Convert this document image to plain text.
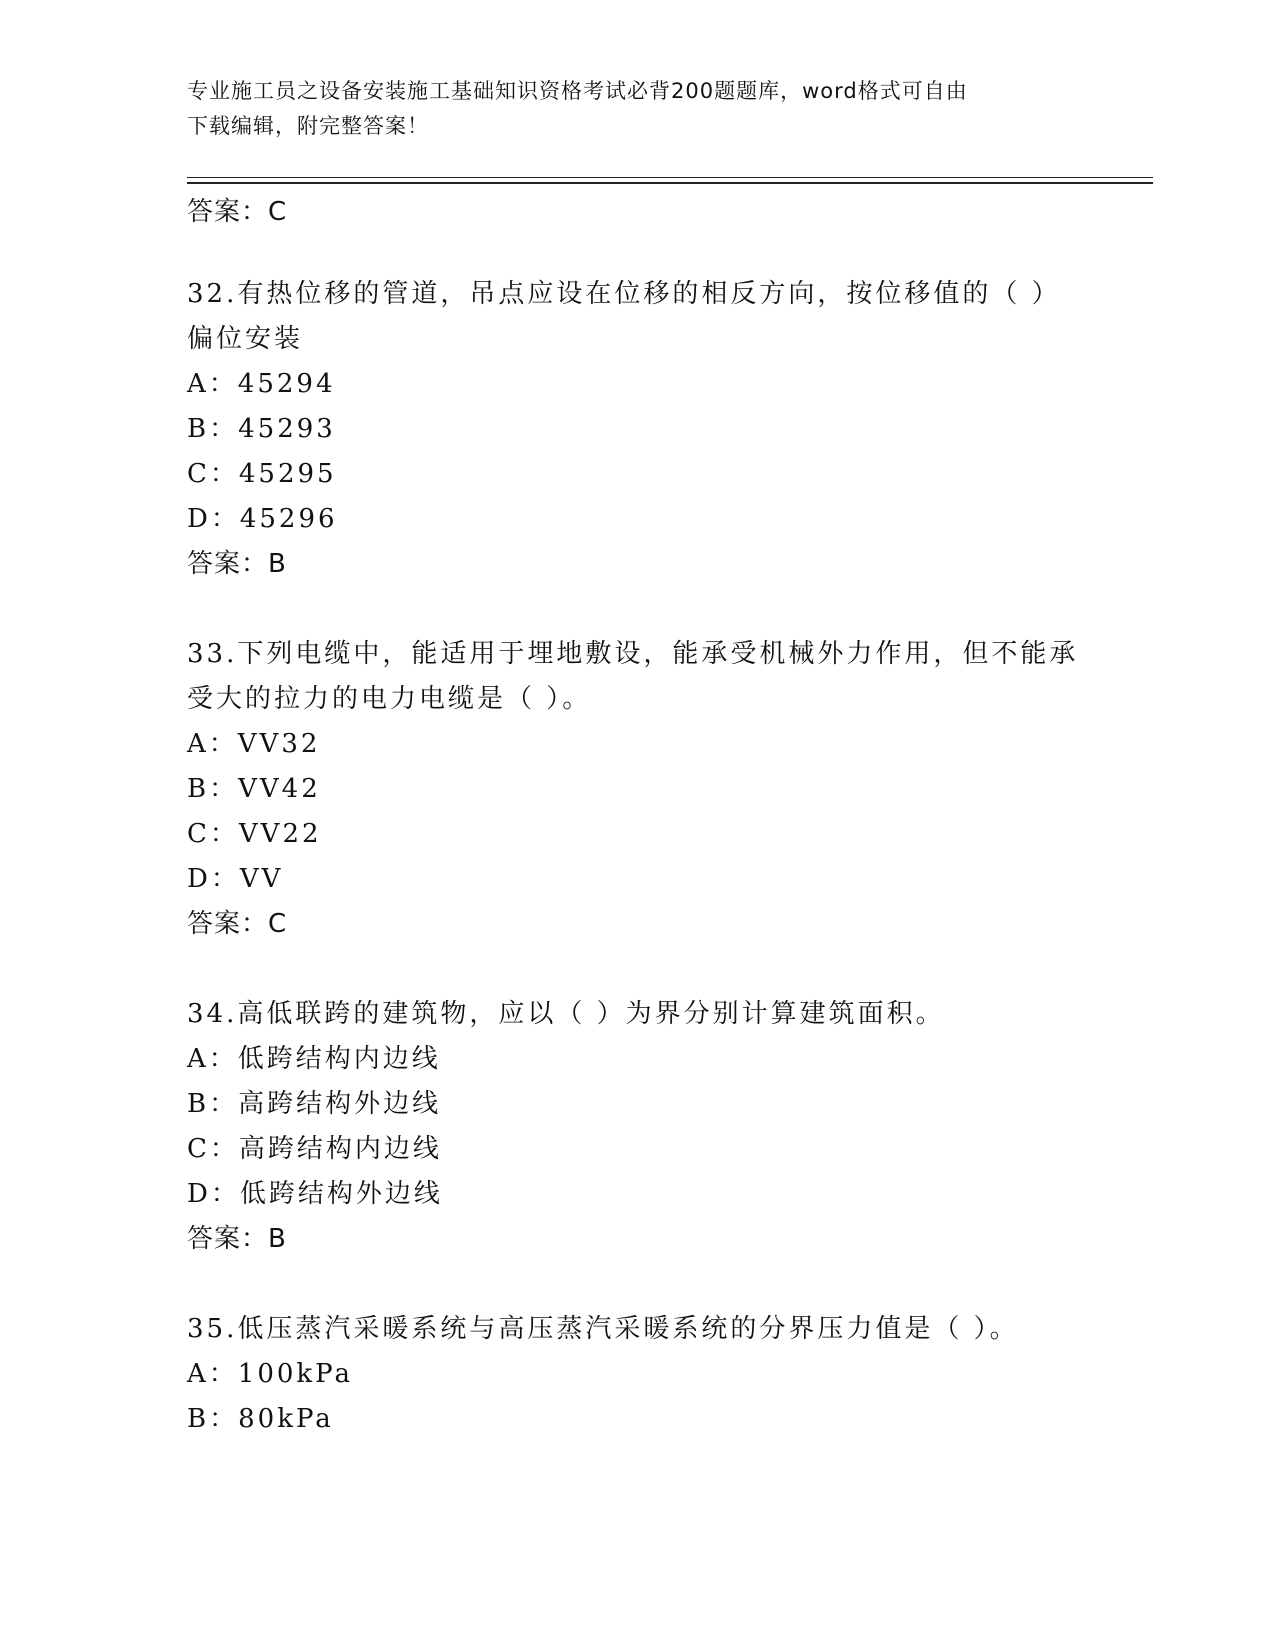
专业施工员之设备安装施工基础知识资格考试必背200题题库，word格式可自由
下载编辑，附完整答案！
答案：C
32.有热位移的管道，吊点应设在位移的相反方向，按位移值的（ ）
偏位安装
A：45294
B：45293
C：45295
D：45296
答案：B
33.下列电缆中，能适用于埋地敷设，能承受机械外力作用，但不能承
受大的拉力的电力电缆是（ ）。
A：VV32
B：VV42
C：VV22
D：VV
答案：C
34.高低联跨的建筑物，应以（ ）为界分别计算建筑面积。
A：低跨结构内边线
B：高跨结构外边线
C：高跨结构内边线
D：低跨结构外边线
答案：B
35.低压蒸汽采暖系统与高压蒸汽采暖系统的分界压力值是（ ）。
A：100kPa
B：80kPa
